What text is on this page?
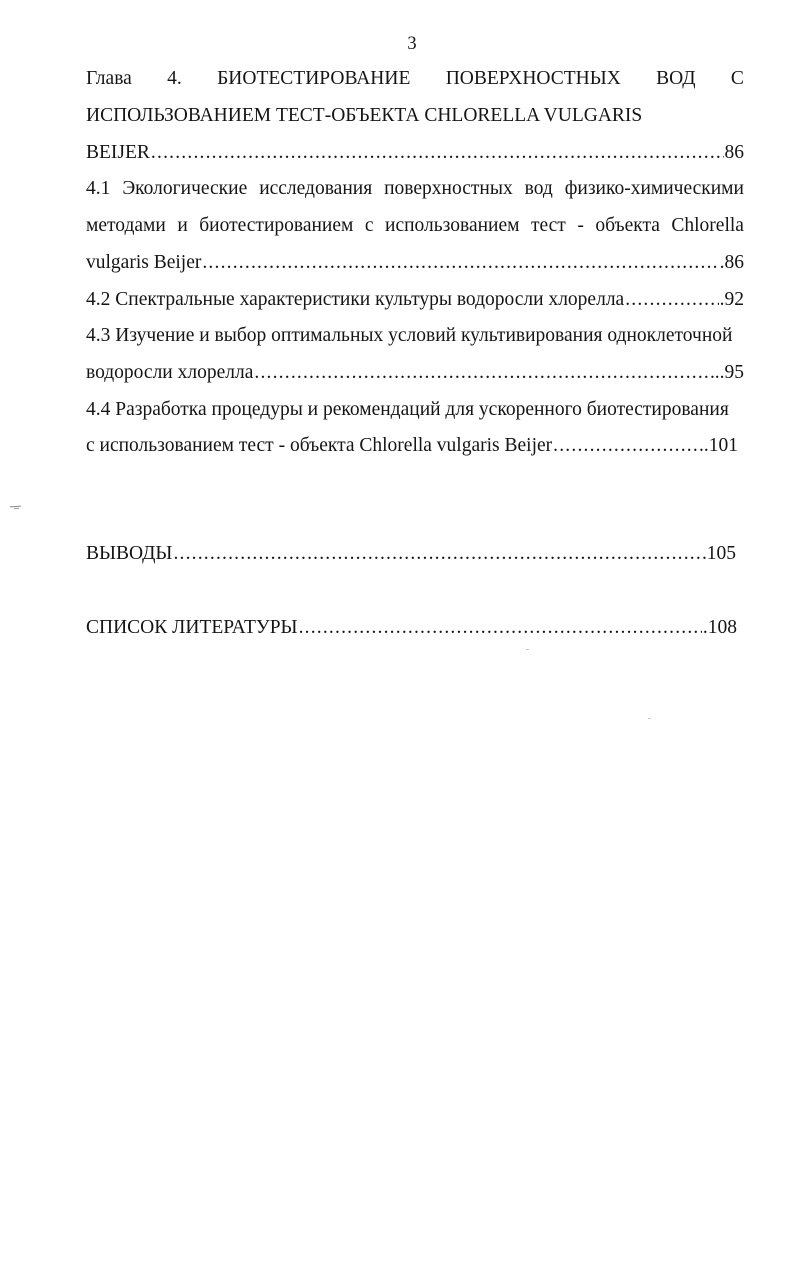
3
Глава 4. БИОТЕСТИРОВАНИЕ ПОВЕРХНОСТНЫХ ВОД С
ИСПОЛЬЗОВАНИЕМ ТЕСТ-ОБЪЕКТА CHLORELLA VULGARIS
BEIJER .....	86
4.1 Экологические исследования поверхностных вод физико-химическими
методами и биотестированием с использованием тест - объекта Chlorella
vulgaris Beijer .....	.86
4.2 Спектральные характеристики культуры водоросли хлорелла .....	.92
4.3 Изучение и выбор оптимальных условий культивирования одноклеточной
водоросли хлорелла .....	..95
4.4 Разработка процедуры и рекомендаций для ускоренного биотестирования
с использованием тест - объекта Chlorella vulgaris Beijer .....	..101
ВЫВОДЫ .....	105
СПИСОК ЛИТЕРАТУРЫ .....	.108
